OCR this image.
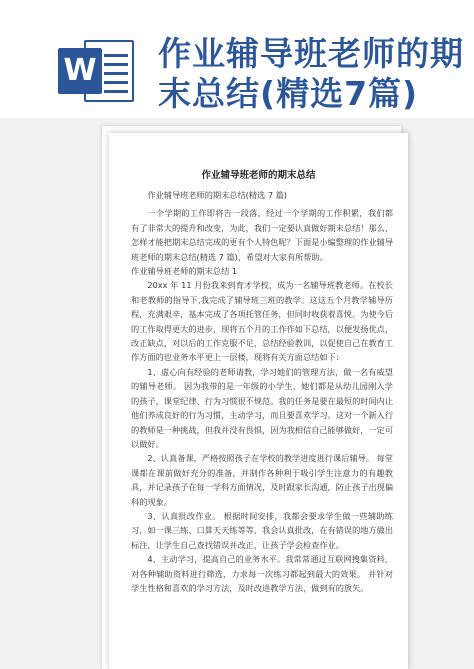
W 作业辅导班老师的期末总结(精选7篇)
作业辅导班老师的期末总结

作业辅导班老师的期末总结(精选 7 篇)

一个学期的工作即将告一段落，经过一个学期的工作积累，我们都有了非常大的提升和改变，为此，我们一定要认真做好期末总结！那么，怎样才能把期末总结完成的更有个人特色呢？下面是小编整理的作业辅导班老师的期末总结(精选 7 篇)，希望对大家有所帮助。

作业辅导班老师的期末总结 1

20xx 年 11 月份我来到育才学校，成为一名辅导班教老师。在校长和老教师的指导下,我完成了辅导班三班的教学。这这五个月教学辅导历程，充满艰辛，基本完成了各项托管任务，但同时收获着喜悦。为使今后的工作取得更大的进步，现将五个月的工作作如下总结，以便发扬优点，改正缺点，对以后的工作克服不足，总结经验教训，以促使自己在教育工作方面的也业务水平更上一层楼，现将有关方面总结如下：

1、虚心向有经验的老师请教，学习她们的管理方法，做一名有威望的辅导老师。 因为我带的是一年级的小学生，她们都是从幼儿园刚入学的孩子，课堂纪律、行为习惯很不规范。我的任务是要在最短的时间内让他们养成良好的行为习惯，主动学习，而且要喜欢学习。这对一个新入行的教师是一种挑战，但我并没有畏惧，因为我相信自己能够做好，一定可以做好。

2、认真备课，严格按照孩子在学校的教学进度进行课后辅导。 每堂课都在课前做好充分的准备，并制作各种利于吸引学生注意力的有趣教具，并记录孩子在每一学科方面情况，及时跟家长沟通，防止孩子出现偏科的现象。

3、认真批改作业。 根据时间安排，我都会要求学生做一些辅助练习，如一课三练、口算天天练等等，我会认真批改，在有错误的地方做出标注，让学生自己查找错误并改正，让孩子学会检查作业。

4、主动学习，提高自己的业务水平。我常常通过互联网搜集资料，对各种辅助资料进行筛选，力求每一次练习都起到最大的效果。 并针对学生性格和喜欢的学习方法，及时改进教学方法，做到有的放矢。
